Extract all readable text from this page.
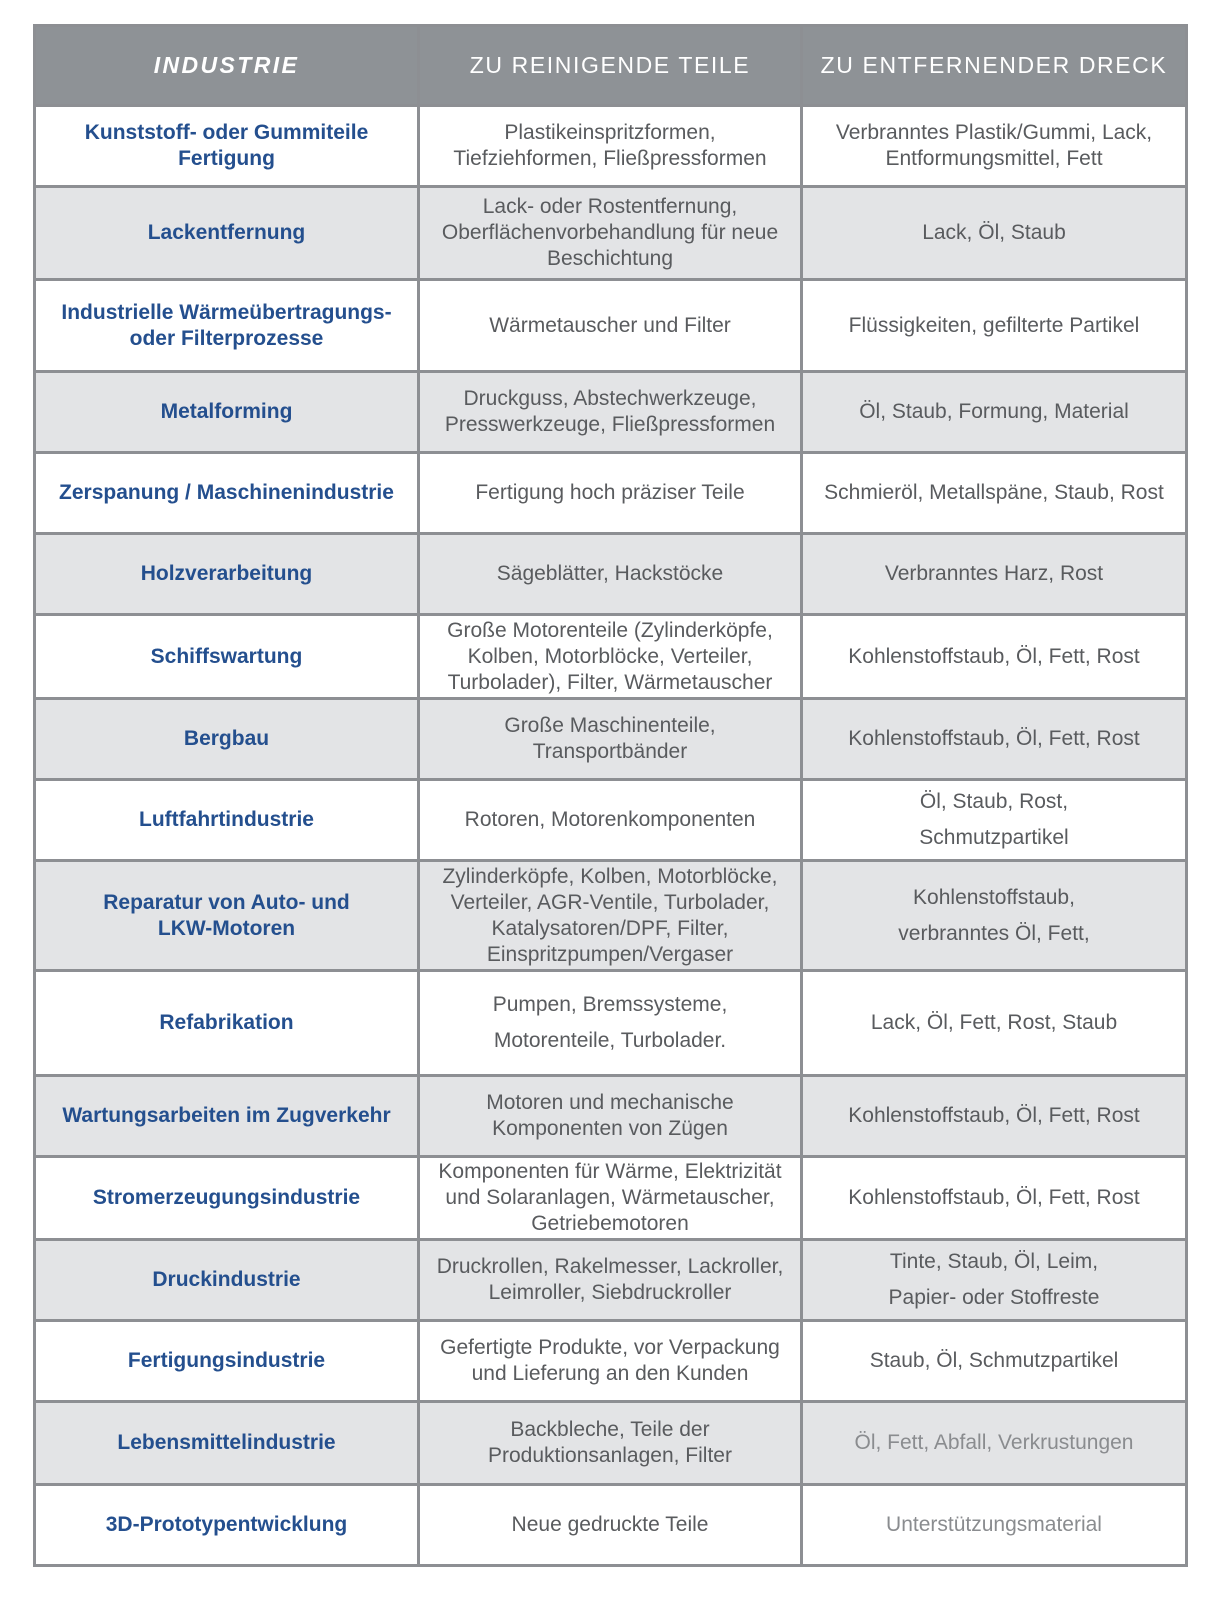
INDUSTRIE	ZU REINIGENDE TEILE	ZU ENTFERNENDER DRECK

Kunststoff- oder Gummiteile
Fertigung	Plastikeinspritzformen,
Tiefziehformen, Fließpressformen	Verbranntes Plastik/Gummi, Lack,
Entformungsmittel, Fett

Lackentfernung	Lack- oder Rostentfernung,
Oberflächenvorbehandlung für neue
Beschichtung	Lack, Öl, Staub

Industrielle Wärmeübertragungs-
oder Filterprozesse	Wärmetauscher und Filter	Flüssigkeiten, gefilterte Partikel

Metalforming	Druckguss, Abstechwerkzeuge,
Presswerkzeuge, Fließpressformen	Öl, Staub, Formung, Material

Zerspanung / Maschinenindustrie	Fertigung hoch präziser Teile	Schmieröl, Metallspäne, Staub, Rost

Holzverarbeitung	Sägeblätter, Hackstöcke	Verbranntes Harz, Rost

Schiffswartung	Große Motorenteile (Zylinderköpfe,
Kolben, Motorblöcke, Verteiler,
Turbolader), Filter, Wärmetauscher	Kohlenstoffstaub, Öl, Fett, Rost

Bergbau	Große Maschinenteile,
Transportbänder	Kohlenstoffstaub, Öl, Fett, Rost

Luftfahrtindustrie	Rotoren, Motorenkomponenten	Öl, Staub, Rost,
Schmutzpartikel

Reparatur von Auto- und
LKW-Motoren	Zylinderköpfe, Kolben, Motorblöcke,
Verteiler, AGR-Ventile, Turbolader,
Katalysatoren/DPF, Filter,
Einspritzpumpen/Vergaser	Kohlenstoffstaub,
verbranntes Öl, Fett,

Refabrikation	Pumpen, Bremssysteme,
Motorenteile, Turbolader.	Lack, Öl, Fett, Rost, Staub

Wartungsarbeiten im Zugverkehr	Motoren und mechanische
Komponenten von Zügen	Kohlenstoffstaub, Öl, Fett, Rost

Stromerzeugungsindustrie	Komponenten für Wärme, Elektrizität
und Solaranlagen, Wärmetauscher,
Getriebemotoren	Kohlenstoffstaub, Öl, Fett, Rost

Druckindustrie	Druckrollen, Rakelmesser, Lackroller,
Leimroller, Siebdruckroller	Tinte, Staub, Öl, Leim,
Papier- oder Stoffreste

Fertigungsindustrie	Gefertigte Produkte, vor Verpackung
und Lieferung an den Kunden	Staub, Öl, Schmutzpartikel

Lebensmittelindustrie	Backbleche, Teile der
Produktionsanlagen, Filter	Öl, Fett, Abfall, Verkrustungen

3D-Prototypentwicklung	Neue gedruckte Teile	Unterstützungsmaterial
